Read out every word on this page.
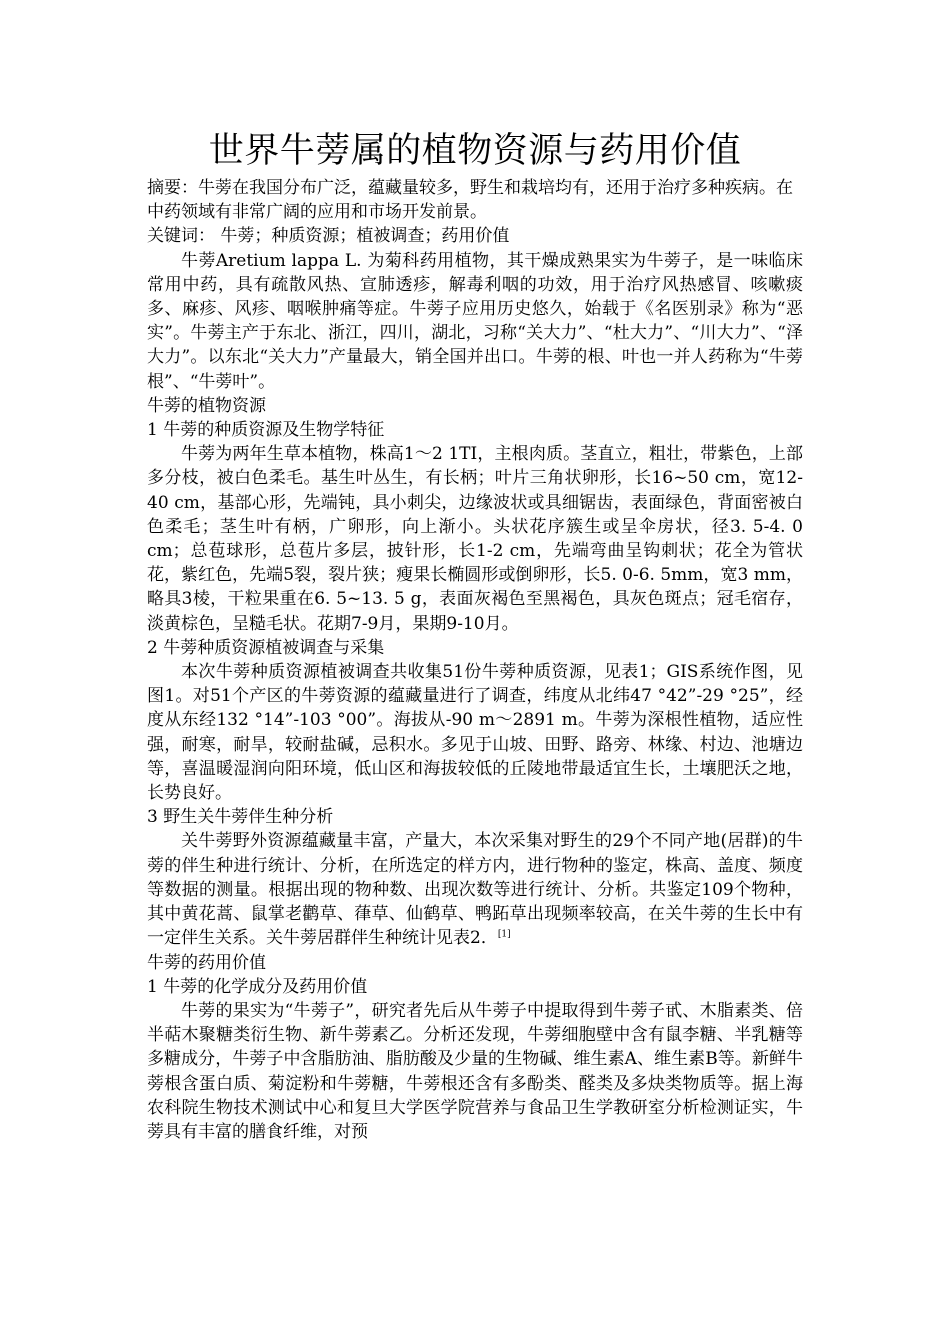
世界牛蒡属的植物资源与药用价值

摘要：牛蒡在我国分布广泛，蕴藏量较多，野生和栽培均有，还用于治疗多种疾病。在中药领域有非常广阔的应用和市场开发前景。

关键词： 牛蒡；种质资源；植被调查；药用价值

牛蒡Aretium lappa L. 为菊科药用植物，其干燥成熟果实为牛蒡子，是一味临床常用中药，具有疏散风热、宣肺透疹，解毒利咽的功效，用于治疗风热感冒、咳嗽痰多、麻疹、风疹、咽喉肿痛等症。牛蒡子应用历史悠久，始载于《名医别录》称为“恶实”。牛蒡主产于东北、浙江，四川，湖北，习称“关大力”、“杜大力”、“川大力”、“泽大力”。以东北“关大力”产量最大，销全国并出口。牛蒡的根、叶也一并人药称为“牛蒡根”、“牛蒡叶”。

牛蒡的植物资源

1 牛蒡的种质资源及生物学特征

牛蒡为两年生草本植物，株高1～2 1TI，主根肉质。茎直立，粗壮，带紫色，上部多分枝，被白色柔毛。基生叶丛生，有长柄；叶片三角状卵形，长16~50 cm，宽12-40 cm，基部心形，先端钝，具小刺尖，边缘波状或具细锯齿，表面绿色，背面密被白色柔毛；茎生叶有柄，广卵形，向上渐小。头状花序簇生或呈伞房状，径3. 5-4. 0 cm；总苞球形，总苞片多层，披针形，长1-2 cm，先端弯曲呈钩刺状；花全为管状花，紫红色，先端5裂，裂片狭；瘦果长椭圆形或倒卵形，长5. 0-6. 5mm，宽3 mm，略具3棱，干粒果重在6. 5~13. 5 g，表面灰褐色至黑褐色，具灰色斑点；冠毛宿存，淡黄棕色，呈糙毛状。花期7-9月，果期9-10月。

2 牛蒡种质资源植被调查与采集

本次牛蒡种质资源植被调查共收集51份牛蒡种质资源，见表1；GIS系统作图，见图1。对51个产区的牛蒡资源的蕴藏量进行了调查，纬度从北纬47 °42”-29 °25”，经度从东经132 °14”-103 °00”。海拔从-90 m～2891 m。牛蒡为深根性植物，适应性强，耐寒，耐旱，较耐盐碱，忌积水。多见于山坡、田野、路旁、林缘、村边、池塘边等，喜温暖湿润向阳环境，低山区和海拔较低的丘陵地带最适宜生长，土壤肥沃之地，长势良好。

3 野生关牛蒡伴生种分析

关牛蒡野外资源蕴藏量丰富，产量大，本次采集对野生的29个不同产地(居群)的牛蒡的伴生种进行统计、分析，在所选定的样方内，进行物种的鉴定，株高、盖度、频度等数据的测量。根据出现的物种数、出现次数等进行统计、分析。共鉴定109个物种，其中黄花蒿、鼠掌老鹳草、葎草、仙鹤草、鸭跖草出现频率较高，在关牛蒡的生长中有一定伴生关系。关牛蒡居群伴生种统计见表2．[1]

牛蒡的药用价值

1 牛蒡的化学成分及药用价值

牛蒡的果实为“牛蒡子”，研究者先后从牛蒡子中提取得到牛蒡子甙、木脂素类、倍半萜木聚糖类衍生物、新牛蒡素乙。分析还发现，牛蒡细胞壁中含有鼠李糖、半乳糖等多糖成分，牛蒡子中含脂肪油、脂肪酸及少量的生物碱、维生素A、维生素B等。新鲜牛蒡根含蛋白质、菊淀粉和牛蒡糖，牛蒡根还含有多酚类、醛类及多炔类物质等。据上海农科院生物技术测试中心和复旦大学医学院营养与食品卫生学教研室分析检测证实，牛蒡具有丰富的膳食纤维，对预
